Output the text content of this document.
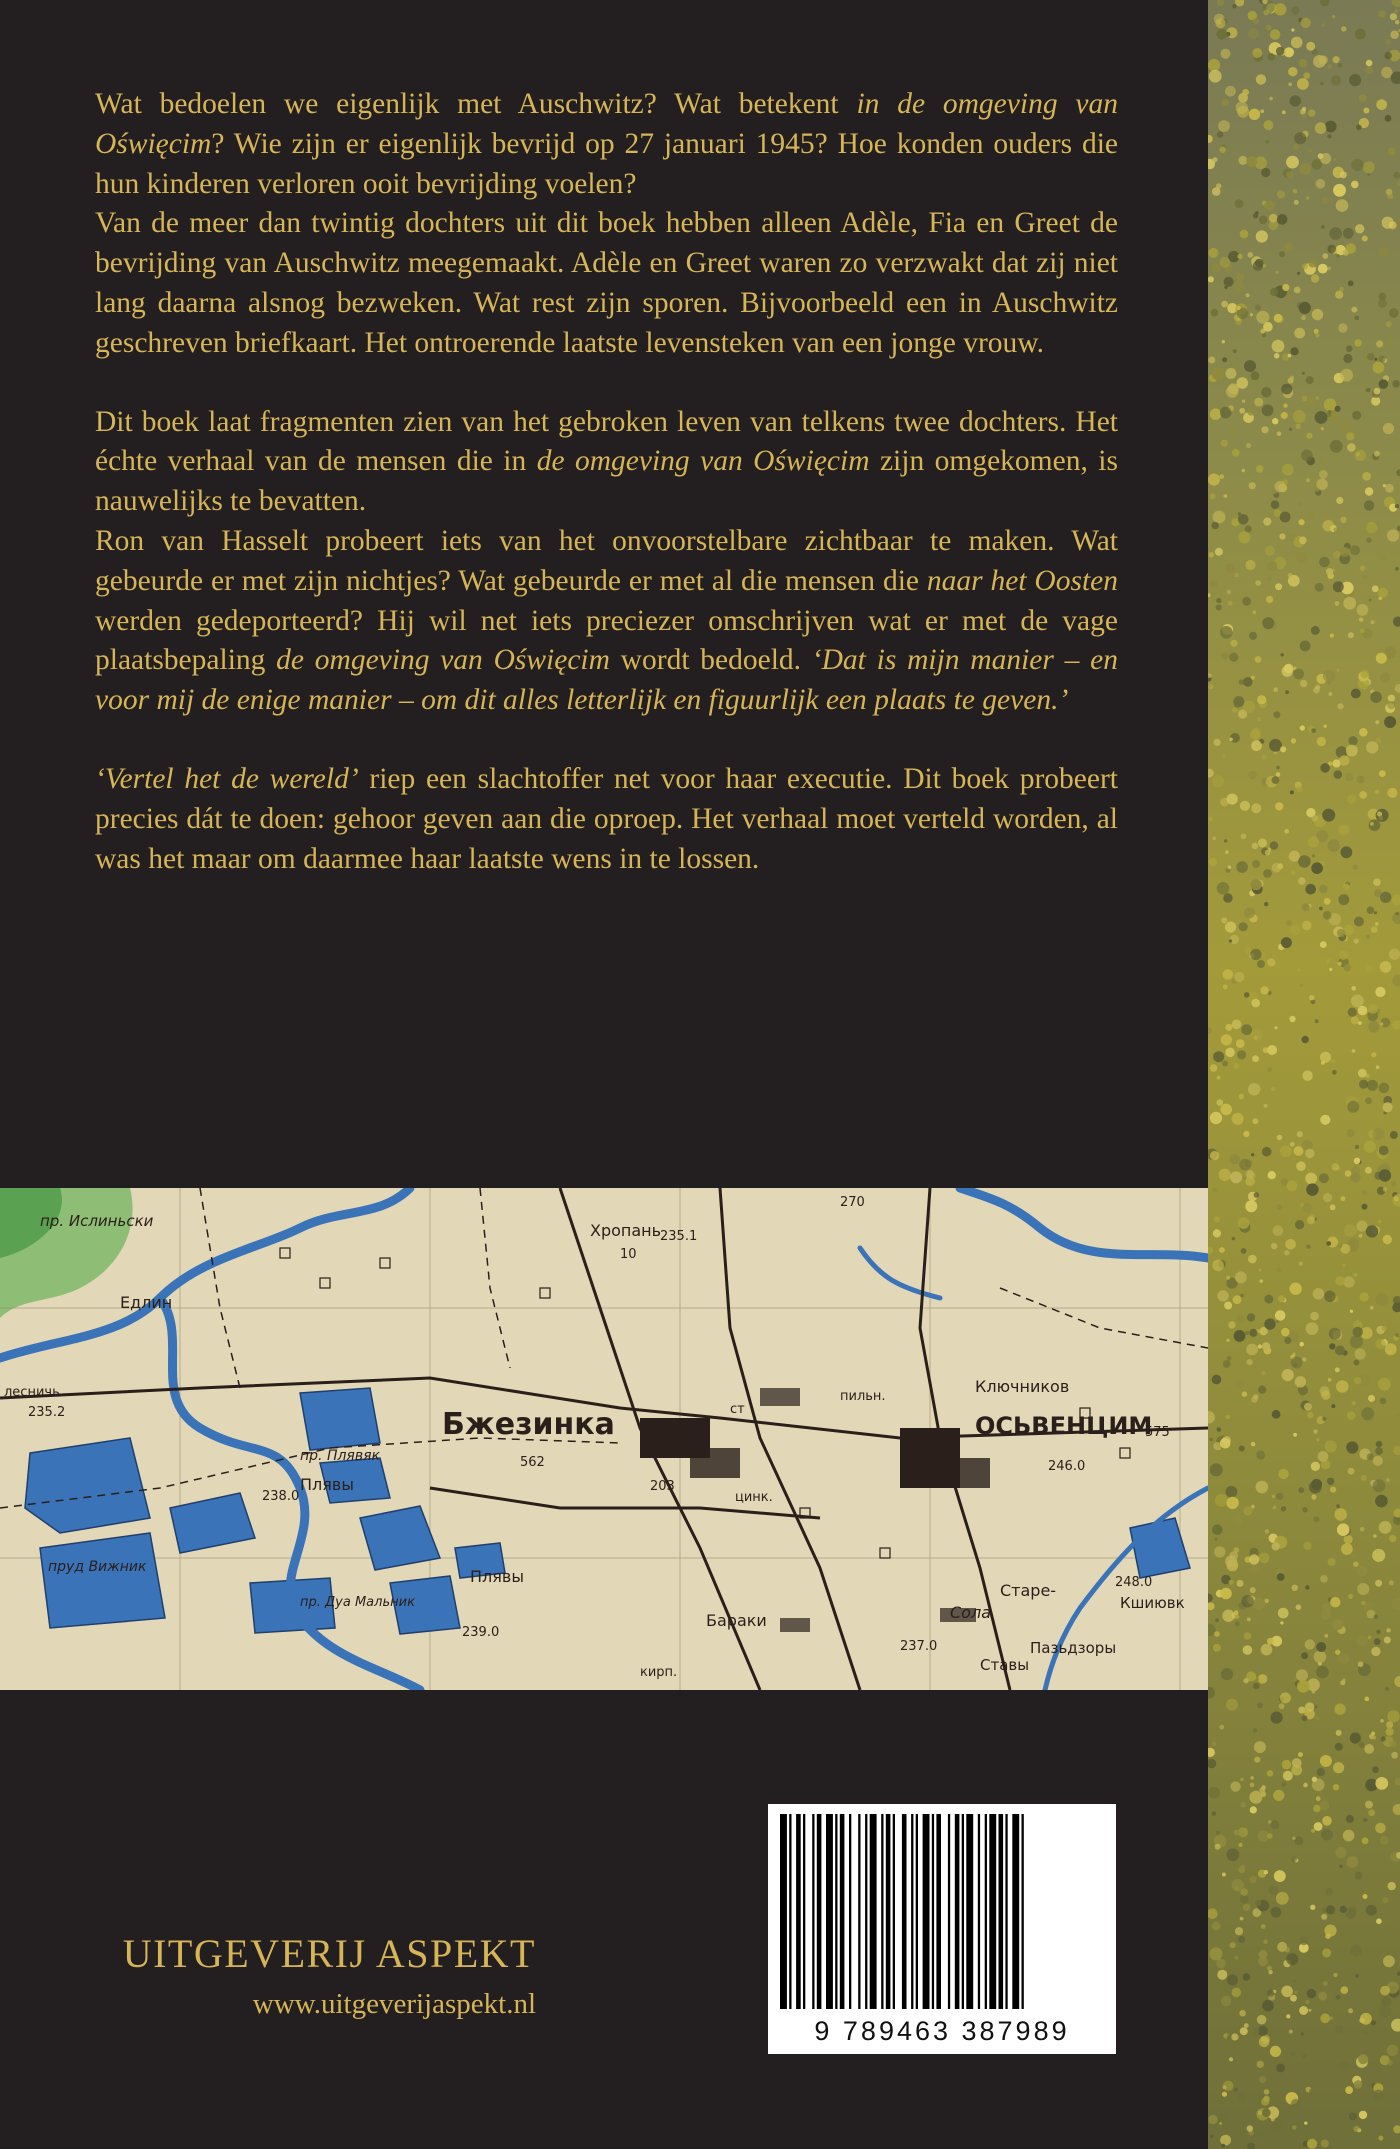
Wat bedoelen we eigenlijk met Auschwitz? Wat betekent in de omgeving van Oświęcim? Wie zijn er eigenlijk bevrijd op 27 januari 1945? Hoe konden ouders die hun kinderen verloren ooit bevrijding voelen?

Van de meer dan twintig dochters uit dit boek hebben alleen Adèle, Fia en Greet de bevrijding van Auschwitz meegemaakt. Adèle en Greet waren zo verzwakt dat zij niet lang daarna alsnog bezweken. Wat rest zijn sporen. Bijvoorbeeld een in Auschwitz geschreven briefkaart. Het ontroerende laatste levensteken van een jonge vrouw.

Dit boek laat fragmenten zien van het gebroken leven van telkens twee dochters. Het échte verhaal van de mensen die in de omgeving van Oświęcim zijn omgekomen, is nauwelijks te bevatten.

Ron van Hasselt probeert iets van het onvoorstelbare zichtbaar te maken. Wat gebeurde er met zijn nichtjes? Wat gebeurde er met al die mensen die naar het Oosten werden gedeporteerd? Hij wil net iets preciezer omschrijven wat er met de vage plaatsbepaling de omgeving van Oświęcim wordt bedoeld. ‘Dat is mijn manier – en voor mij de enige manier – om dit alles letterlijk en figuurlijk een plaats te geven.’

‘Vertel het de wereld’ riep een slachtoffer net voor haar executie. Dit boek probeert precies dát te doen: gehoor geven aan die oproep. Het verhaal moet verteld worden, al was het maar om daarmee haar laatste wens in te lossen.

Бжезинка	ОСЬВЕНЦИМ
Хропань
Едлин
пр. Ислиньски
Ключников
Плявы
Плявы
пр. Плявяк
пруд Вижник
пр. Дуа Мальник
Бараки
Старе-
Ставы
Пaзьдзоры
Кшиювк
Сола
цинк.
кирп.
пильн.
ст
лесничь
235.1
270
10
562
575
246.0
248.0
237.0
239.0
235.2
203
238.0
UITGEVERIJ ASPEKT
www.uitgeverijaspekt.nl
9 789463 387989
